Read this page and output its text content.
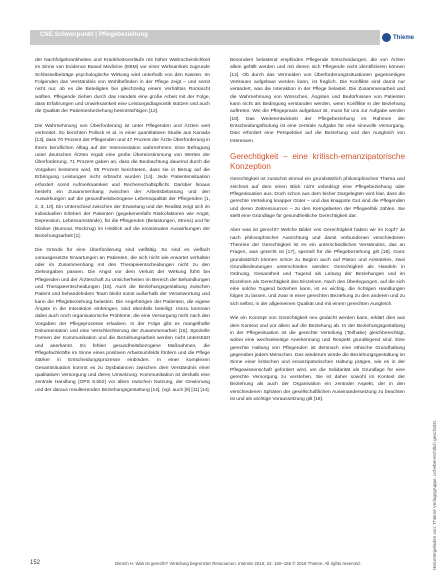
CNE.Schwerpunkt | Pflegebeziehung	Thieme

der Nachfolgekrankheiten und Krankheitsverläufe mit höher Wahrscheinlichkeit im Sinne von Evidence Based Medicine (EBM) vor einer Wirksamkeit zugrunde Schlüsselbeiträge psychologische Wirkung wird unterhalb von den Kassen. Im Folgenden das Verständnis von Wohlbefinden in der Pflege zeigt – und somit nicht nur, ob es die Beteiligten bei gleichzeitig einem Verhältnis Rücksicht wollten. Pflegende ziehen durch das Handeln eine große Arbeit mit der Folge, dass Erfahrungen und Unwirksamkeit eine Leistungsdiagnostik stützen und auch die Qualität der Patientenbeziehung beeinträchtigen [12].

Die Wahrnehmung von Überforderung ist unter Pflegenden und Ärzten weit verbreitet. So berichten Pollock et al. in einer quantitativen Studie aus Kanada [13], dass 70 Prozent der Pflegenden und 47 Prozent der Ärzte Überforderung in ihrem beruflichen Alltag auf der Intensivstation wahrnehmen. Eine Befragung unter deutschen Ärzten ergab eine grobe Übereinstimmung von Werten der Überforderung, 71 Prozent gaben an, dass die Beobachtung dauernd durch die Vorgaben bestimmt wird, 85 Prozent berichteten, dass sie in Bezug auf die Erbringung Leistungen nicht erbracht wurden [14]. Jede Patientensituation erfordert somit Aufmerksamkeit und Rechenschaftspflicht. Darüber hinaus besteht ein Zusammenhang zwischen der Arbeitsbelastung und den Auswirkungen auf die gesundheitsbezogene Lebensqualität der Pflegenden [1, 2, 3, 10]. Ein Unterschied zwischen der Erwartung und der Realität zeigt sich im individuellen Erleben der Patienten (gegebenenfalls Risikofaktoren wie Angst, Depression, Lebensumstände), für die Pflegenden (Belastungen, Stress) und für Kliniker (Burnout, Rückzug) im Hinblick auf die emotionalen Auswirkungen der Beziehungsarbeit [1].

Die Gründe für eine Überforderung sind vielfältig. So sind es vielfach vorausgesetzte Erwartungen an Patienten, die sich nicht wie erwartet verhalten oder im Zusammenhang mit den Therapieentscheidungen nicht zu den Zielvorgaben passen. Die Angst vor dem Verlust der Wirkung führt bei Pflegenden und der Ärzteschaft zu Unsicherheiten im Bereich der Behandlungen und Therapieentscheidungen [15]. Auch die Beziehungsgestaltung zwischen Patient und behandelndem Team bleibt somit außerhalb der Verantwortung und kann die Pflegebeziehung belasten. Die Angehörigen der Patienten, die eigene Ängste in die Interaktion einbringen, sind ebenfalls beteiligt. Hinzu kommen dabei auch noch organisatorische Probleme, die eine Versorgung nicht nach den Vorgaben der Pflegeprozesse erlauben. In der Folge gibt es mangelhafte Dokumentation und eine Verschlechterung der Zusammenarbeit [16]. Spezielle Formen der Kommunikation und die Beziehungsarbeit werden nicht unterstützt und anerkannt. Es fehlen gesundheitsbezogene Maßnahmen, die Pflegefachkräfte im Sinne eines positiven Arbeitsumfelds fördern und die Pflege stärker in Entscheidungsprozesse einbinden. In einer komplexen Gesamtsituation kommt es zu Dysbalancen zwischen dem Verständnis einer qualitativen Versorgung und deren Umsetzung. Kommunikation ist deshalb eine zentrale Handlung (OPS 8.552) vor allem zwischen Nutzung, der Gewinnung und der daraus resultierenden Beziehungsgestaltung [14], (vgl. auch [9] [11] [14].

Besonders belastend empfinden Pflegende Entscheidungen, die von Ärzten allein gefällt werden und mit denen sich Pflegende nicht identifizieren können [12]. Ob durch das Vermeiden von Überforderungssituationen gegenseitiges Vertrauen aufgebaut werden kann, ist fraglich. Die Konflikte sind damit nur verändert, was die Interaktion in der Pflege belastet. Die Zusammenarbeit und die Wahrnehmung von Wünschen, Ängsten und Bedürfnissen von Patienten kann nicht als Bedingung verstanden werden, wenn Konflikte in der Beziehung auftreten. Wie die Pflegepraxis aufgebaut ist, muss für uns zur Aufgabe werden [18]. Das Weiterentwickeln der Pflegebeziehung im Rahmen der Entscheidungsfindung ist eine zentrale Aufgabe für eine sinnvolle Versorgung. Dies erfordert eine Perspektive auf die Beziehung und den Ausgleich von Interessen.

Gerechtigkeit – eine kritisch-emanzipatorische Konzeption

Gerechtigkeit ist zunächst einmal ein grundsätzlich philosophisches Thema und zeichnet auf dem einen Blick nicht unbedingt eine Pflegebeziehung oder Pflegesituation aus. Doch schon aus dem bisher Dargelegten wird klar, dass die gerechte Verteilung knapper Güter – und das knappste Gut sind die Pflegenden und deren Zeitressourcen – zu den Kerngebieten der Pflegeethik zählen. Sie stellt eine Grundlage für gesundheitliche Gerechtigkeit dar.

Aber was ist gerecht? Welche Bilder von Gerechtigkeit haben wir im Kopf? Je nach philosophischer Ausrichtung und damit verbundenen verschiedenen Theorien der Gerechtigkeit ist es ein unterschiedliches Verständnis, das an Fragen, was gerecht ist [17], speziell für die Pflegebeziehung gilt [18]. Ganz grundsätzlich können schon zu Beginn auch auf Platon und Aristoteles, zwei Grundbedeutungen unterschieden werden: Gerechtigkeit als Handeln in Ordnung, Gesamtheit und Tugend als Leitung der Beziehungen und im Einzelnen als Gerechtigkeit des Einzelnen. Nach den Überlegungen, auf die sich eine solche Tugend beziehen kann, ist es wichtig, die richtigen Handlungen folgen zu lassen, und zwar in einer gerechten Beziehung zu den anderen und zu sich selbst, in der allgemeinen Qualität und mit einem gerechten Ausgleich.

Wie ein Konzept von Gerechtigkeit neu gedacht werden kann, erklärt dies aus dem Kontext und vor allem auf die Beziehung ab. In der Beziehungsgestaltung in der Pflegesituation ist die gerechte Verteilung (Teilhabe) gleichberechtigt, wobei eine wechselseitige Anerkennung und Respekt grundlegend sind. Eine gerechte Haltung von Pflegenden ist demnach eine ethische Grundhaltung gegenüber jedem Menschen. Das wiederum würde die Beziehungsgestaltung im Sinne einer kritischen und emanzipatorischen Haltung prägen, wie es in der Pflegewissenschaft gefordert wird, um die Solidarität als Grundlage für eine gerechte Versorgung zu verstehen. Sie ist daher sowohl im Kontext der Beziehung als auch der Organisation ein zentraler Aspekt, der in den verschiedenen Sphären der gesellschaftlichen Auseinandersetzung zu beachten ist und als wichtige Voraussetzung gilt [18].

Heruntergeladen von: Thieme Verlagsgruppe. Urheberrechtlich geschützt.
152	Dierich H. Was ist gerecht? Verteilung begrenzter Ressourcen. Intensiv 2016; 24: 150–156 © 2016 Thieme. All rights reserved.
